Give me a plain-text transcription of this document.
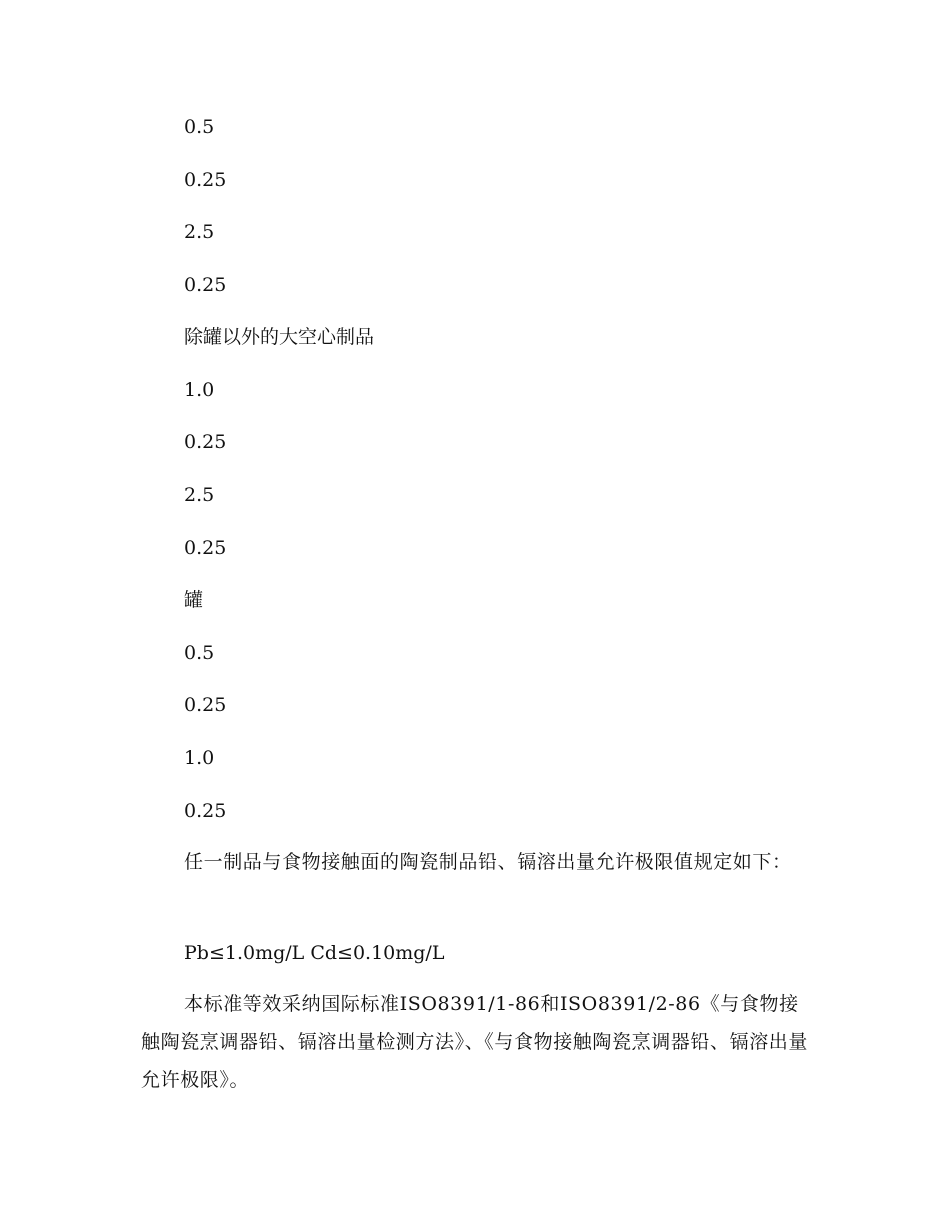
0.5
0.25
2.5
0.25
除罐以外的大空心制品
1.0
0.25
2.5
0.25
罐
0.5
0.25
1.0
0.25
任一制品与食物接触面的陶瓷制品铅、镉溶出量允许极限值规定如下：
Pb≤1.0mg/L Cd≤0.10mg/L
本标准等效采纳国际标准ISO8391/1-86和ISO8391/2-86《与食物接触陶瓷烹调器铅、镉溶出量检测方法》、《与食物接触陶瓷烹调器铅、镉溶出量允许极限》。
